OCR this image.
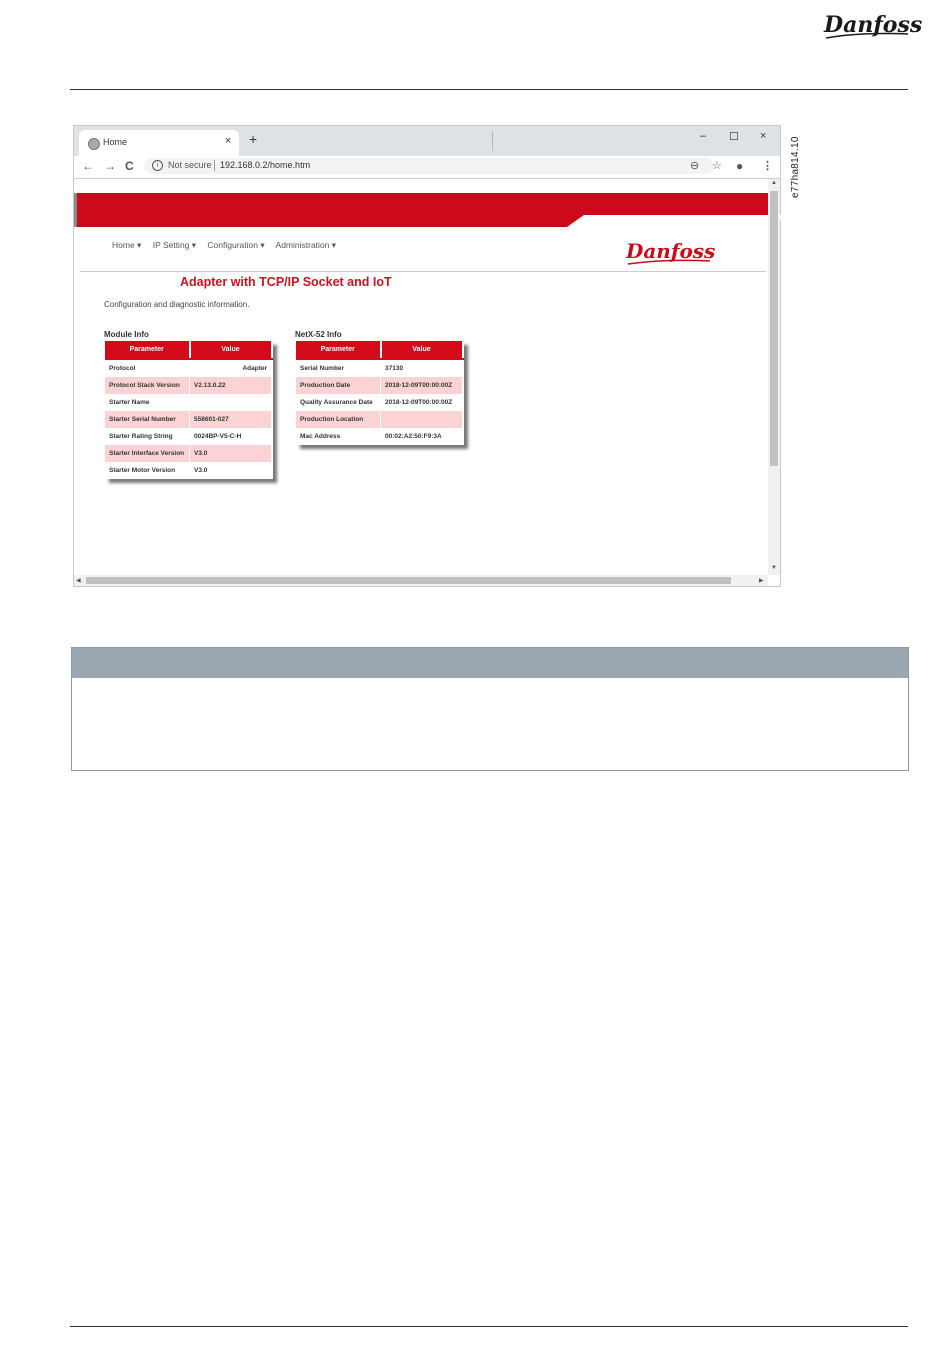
Danfoss
e77ha814.10
Home	× +	– ☐ ×
← → C	i	Not secure 192.168.0.2/home.htm	⊖ ☆ ● ⋮
Home ▾ IP Setting ▾ Configuration ▾ Administration ▾	Danfoss
Adapter with TCP/IP Socket and IoT
Configuration and diagnostic information.
Module Info
Parameter	Value
Protocol	Adapter
Protocol Stack Version	V2.13.0.22
Starter Name	
Starter Serial Number	558601-027
Starter Rating String	0024BP-V5-C-H
Starter Interface Version	V3.0
Starter Motor Version	V3.0
NetX-52 Info
Parameter	Value
Serial Number	37130
Production Date	2018-12-09T00:00:00Z
Quality Assurance Date	2018-12-09T00:00:00Z
Production Location	
Mac Address	00:02:A2:50:F9:3A
▲
▼
◀	▶
